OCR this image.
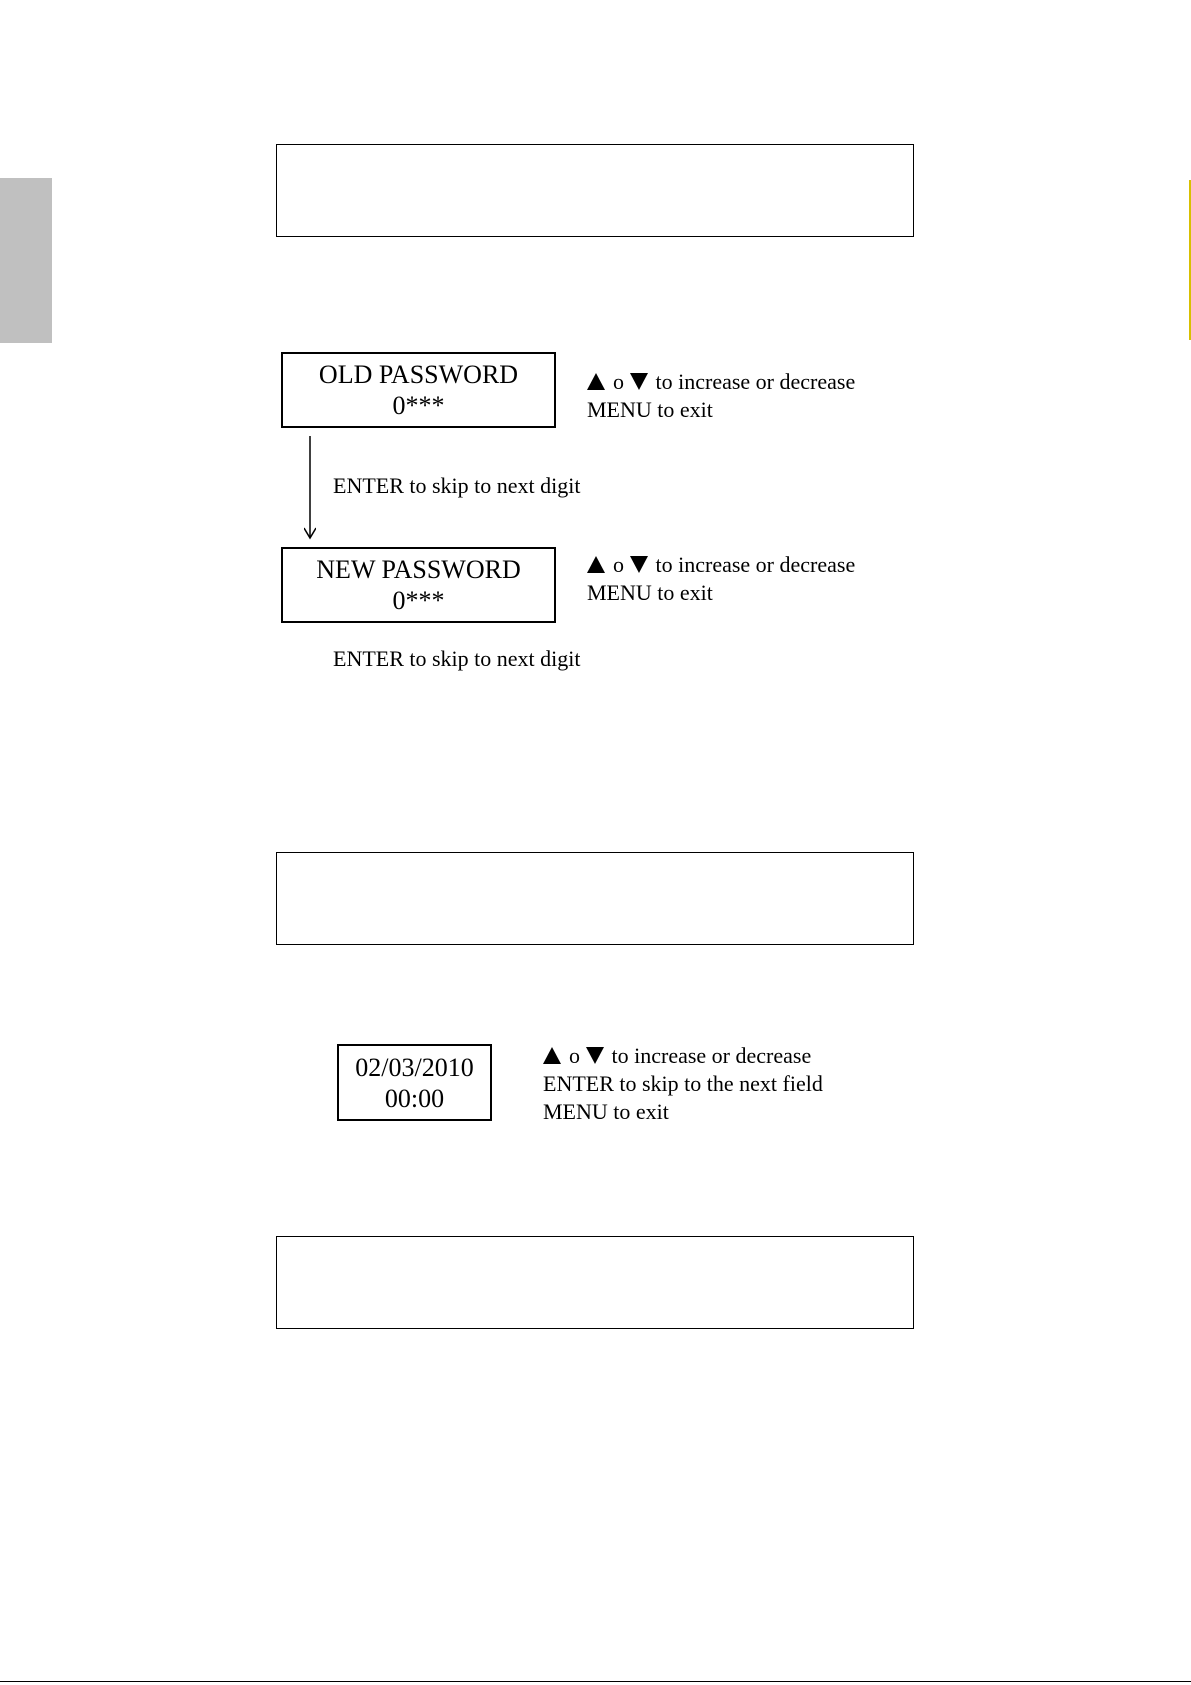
OLD PASSWORD
0***
o to increase or decrease
MENU to exit
ENTER to skip to next digit
NEW PASSWORD
0***
o to increase or decrease
MENU to exit
ENTER to skip to next digit
02/03/2010
00:00
o to increase or decrease
ENTER to skip to the next field
MENU to exit
